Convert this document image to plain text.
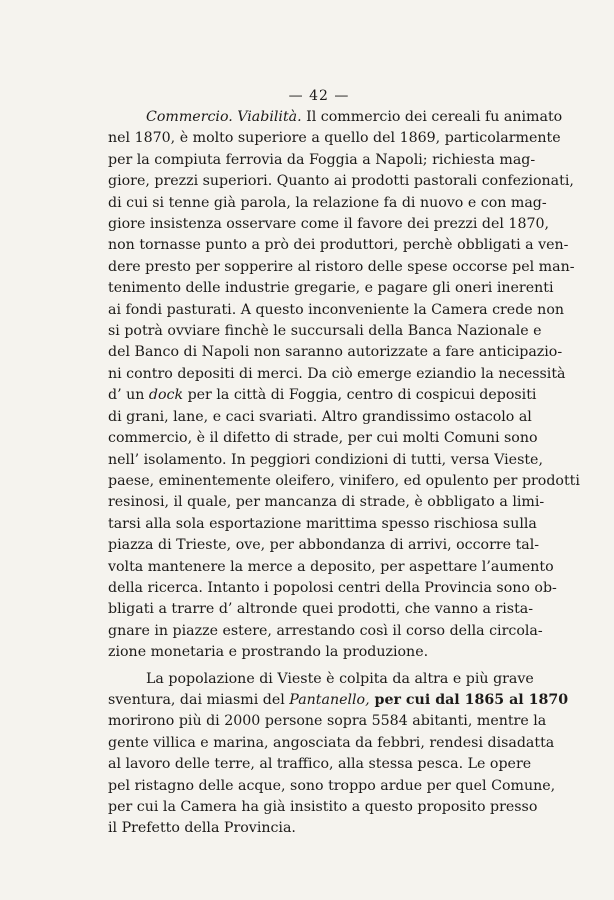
— 42 —
Commercio. Viabilità. Il commercio dei cereali fu animato
nel 1870, è molto superiore a quello del 1869, particolarmente
per la compiuta ferrovia da Foggia a Napoli; richiesta mag-
giore, prezzi superiori. Quanto ai prodotti pastorali confezionati,
di cui si tenne già parola, la relazione fa di nuovo e con mag-
giore insistenza osservare come il favore dei prezzi del 1870,
non tornasse punto a prò dei produttori, perchè obbligati a ven-
dere presto per sopperire al ristoro delle spese occorse pel man-
tenimento delle industrie gregarie, e pagare gli oneri inerenti
ai fondi pasturati. A questo inconveniente la Camera crede non
si potrà ovviare finchè le succursali della Banca Nazionale e
del Banco di Napoli non saranno autorizzate a fare anticipazio-
ni contro depositi di merci. Da ciò emerge eziandio la necessità
d’ un dock per la città di Foggia, centro di cospicui depositi
di grani, lane, e caci svariati. Altro grandissimo ostacolo al
commercio, è il difetto di strade, per cui molti Comuni sono
nell’ isolamento. In peggiori condizioni di tutti, versa Vieste,
paese, eminentemente oleifero, vinifero, ed opulento per prodotti
resinosi, il quale, per mancanza di strade, è obbligato a limi-
tarsi alla sola esportazione marittima spesso rischiosa sulla
piazza di Trieste, ove, per abbondanza di arrivi, occorre tal-
volta mantenere la merce a deposito, per aspettare l’aumento
della ricerca. Intanto i popolosi centri della Provincia sono ob-
bligati a trarre d’ altronde quei prodotti, che vanno a rista-
gnare in piazze estere, arrestando così il corso della circola-
zione monetaria e prostrando la produzione.
La popolazione di Vieste è colpita da altra e più grave
sventura, dai miasmi del Pantanello, per cui dal 1865 al 1870
morirono più di 2000 persone sopra 5584 abitanti, mentre la
gente villica e marina, angosciata da febbri, rendesi disadatta
al lavoro delle terre, al traffico, alla stessa pesca. Le opere
pel ristagno delle acque, sono troppo ardue per quel Comune,
per cui la Camera ha già insistito a questo proposito presso
il Prefetto della Provincia.
